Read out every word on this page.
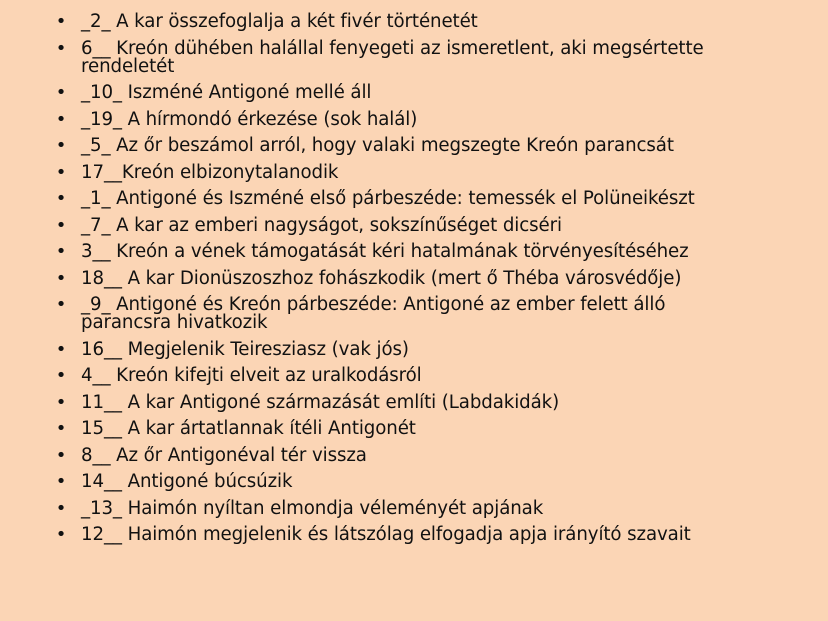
• _2_ A kar összefoglalja a két fivér történetét
• 6__ Kreón dühében halállal fenyegeti az ismeretlent, aki megsértette rendeletét
• _10_ Iszméné Antigoné mellé áll
• _19_ A hírmondó érkezése (sok halál)
• _5_ Az őr beszámol arról, hogy valaki megszegte Kreón parancsát
• 17__Kreón elbizonytalanodik
• _1_ Antigoné és Iszméné első párbeszéde: temessék el Polüneikészt
• _7_ A kar az emberi nagyságot, sokszínűséget dicséri
• 3__ Kreón a vének támogatását kéri hatalmának törvényesítéséhez
• 18__ A kar Dionüszoszhoz fohászkodik (mert ő Théba városvédője)
• _9_ Antigoné és Kreón párbeszéde: Antigoné az ember felett álló parancsra hivatkozik
• 16__ Megjelenik Teiresziasz (vak jós)
• 4__ Kreón kifejti elveit az uralkodásról
• 11__ A kar Antigoné származását említi (Labdakidák)
• 15__ A kar ártatlannak ítéli Antigonét
• 8__ Az őr Antigonéval tér vissza
• 14__ Antigoné búcsúzik
• _13_ Haimón nyíltan elmondja véleményét apjának
• 12__ Haimón megjelenik és látszólag elfogadja apja irányító szavait
